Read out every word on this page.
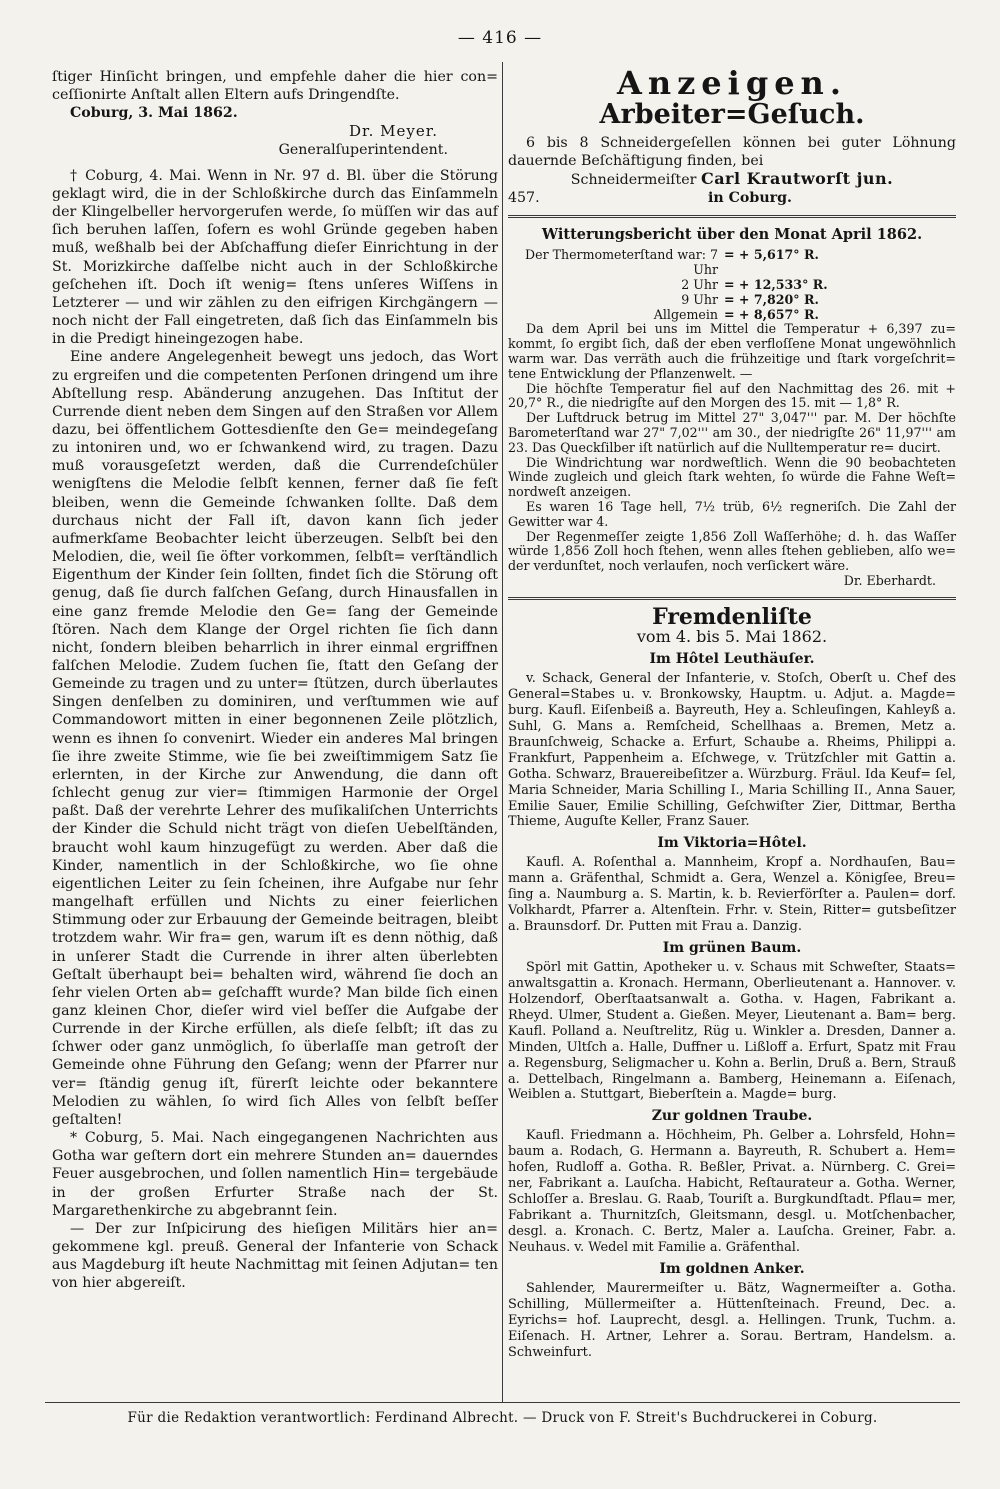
— 416 —

ſtiger Hinſicht bringen, und empfehle daher die hier con= ceſſionirte Anſtalt allen Eltern aufs Dringendſte.

Coburg, 3. Mai 1862.

Dr. Meyer.
Generalſuperintendent.

† Coburg, 4. Mai. Wenn in Nr. 97 d. Bl. über die Störung geklagt wird, die in der Schloßkirche durch das Einſammeln der Klingelbeller hervorgerufen werde, ſo müſſen wir das auf ſich beruhen laſſen, ſofern es wohl Gründe gegeben haben muß, weßhalb bei der Abſchaffung dieſer Einrichtung in der St. Morizkirche daſſelbe nicht auch in der Schloßkirche geſchehen iſt. Doch iſt wenig= ſtens unſeres Wiſſens in Letzterer — und wir zählen zu den eifrigen Kirchgängern — noch nicht der Fall eingetreten, daß ſich das Einſammeln bis in die Predigt hineingezogen habe.

Eine andere Angelegenheit bewegt uns jedoch, das Wort zu ergreifen und die competenten Perſonen dringend um ihre Abſtellung resp. Abänderung anzugehen. Das Inſtitut der Currende dient neben dem Singen auf den Straßen vor Allem dazu, bei öffentlichem Gottesdienſte den Ge= meindegeſang zu intoniren und, wo er ſchwankend wird, zu tragen. Dazu muß vorausgeſetzt werden, daß die Currendeſchüler wenigſtens die Melodie ſelbſt kennen, ferner daß ſie feſt bleiben, wenn die Gemeinde ſchwanken ſollte. Daß dem durchaus nicht der Fall iſt, davon kann ſich jeder aufmerkſame Beobachter leicht überzeugen. Selbſt bei den Melodien, die, weil ſie öfter vorkommen, ſelbſt= verſtändlich Eigenthum der Kinder ſein ſollten, findet ſich die Störung oft genug, daß ſie durch falſchen Geſang, durch Hinausfallen in eine ganz fremde Melodie den Ge= ſang der Gemeinde ſtören. Nach dem Klange der Orgel richten ſie ſich dann nicht, ſondern bleiben beharrlich in ihrer einmal ergriffnen falſchen Melodie. Zudem ſuchen ſie, ſtatt den Geſang der Gemeinde zu tragen und zu unter= ſtützen, durch überlautes Singen denſelben zu dominiren, und verſtummen wie auf Commandowort mitten in einer begonnenen Zeile plötzlich, wenn es ihnen ſo convenirt. Wieder ein anderes Mal bringen ſie ihre zweite Stimme, wie ſie bei zweiſtimmigem Satz ſie erlernten, in der Kirche zur Anwendung, die dann oft ſchlecht genug zur vier= ſtimmigen Harmonie der Orgel paßt. Daß der verehrte Lehrer des muſikaliſchen Unterrichts der Kinder die Schuld nicht trägt von dieſen Uebelſtänden, braucht wohl kaum hinzugefügt zu werden. Aber daß die Kinder, namentlich in der Schloßkirche, wo ſie ohne eigentlichen Leiter zu ſein ſcheinen, ihre Aufgabe nur ſehr mangelhaft erfüllen und Nichts zu einer feierlichen Stimmung oder zur Erbauung der Gemeinde beitragen, bleibt trotzdem wahr. Wir fra= gen, warum iſt es denn nöthig, daß in unſerer Stadt die Currende in ihrer alten überlebten Geſtalt überhaupt bei= behalten wird, während ſie doch an ſehr vielen Orten ab= geſchafft wurde? Man bilde ſich einen ganz kleinen Chor, dieſer wird viel beſſer die Aufgabe der Currende in der Kirche erfüllen, als dieſe ſelbſt; iſt das zu ſchwer oder ganz unmöglich, ſo überlaſſe man getroſt der Gemeinde ohne Führung den Geſang; wenn der Pfarrer nur ver= ſtändig genug iſt, fürerſt leichte oder bekanntere Melodien zu wählen, ſo wird ſich Alles von ſelbſt beſſer geſtalten!

* Coburg, 5. Mai. Nach eingegangenen Nachrichten aus Gotha war geſtern dort ein mehrere Stunden an= dauerndes Feuer ausgebrochen, und ſollen namentlich Hin= tergebäude in der großen Erfurter Straße nach der St. Margarethenkirche zu abgebrannt ſein.

— Der zur Inſpicirung des hieſigen Militärs hier an= gekommene kgl. preuß. General der Infanterie von Schack aus Magdeburg iſt heute Nachmittag mit ſeinen Adjutan= ten von hier abgereiſt.

Anzeigen.
Arbeiter=Geſuch.

6 bis 8 Schneidergeſellen können bei guter Löhnung dauernde Beſchäftigung finden, bei

Schneidermeiſter Carl Krautworſt jun.
457.	in Coburg.
Witterungsbericht über den Monat April 1862.
Der Thermometerſtand war: 7 Uhr
= + 5,617° R.
2 Uhr = + 12,533° R.
9 Uhr = + 7,820° R.
Allgemein = + 8,657° R.

Da dem April bei uns im Mittel die Temperatur + 6,397 zu= kommt, ſo ergibt ſich, daß der eben verfloſſene Monat ungewöhnlich warm war. Das verräth auch die frühzeitige und ſtark vorgeſchrit= tene Entwicklung der Pflanzenwelt. —

Die höchſte Temperatur fiel auf den Nachmittag des 26. mit + 20,7° R., die niedrigſte auf den Morgen des 15. mit — 1,8° R.

Der Luftdruck betrug im Mittel 27" 3,047''' par. M. Der höchſte Barometerſtand war 27" 7,02''' am 30., der niedrigſte 26" 11,97''' am 23. Das Queckſilber iſt natürlich auf die Nulltemperatur re= ducirt.

Die Windrichtung war nordweſtlich. Wenn die 90 beobachteten Winde zugleich und gleich ſtark wehten, ſo würde die Fahne Weſt= nordweſt anzeigen.

Es waren 16 Tage hell, 7½ trüb, 6½ regneriſch. Die Zahl der Gewitter war 4.

Der Regenmeſſer zeigte 1,856 Zoll Waſſerhöhe; d. h. das Waſſer würde 1,856 Zoll hoch ſtehen, wenn alles ſtehen geblieben, alſo we= der verdunſtet, noch verlaufen, noch verſickert wäre.

Dr. Eberhardt.
Fremdenliſte
vom 4. bis 5. Mai 1862.
Im Hôtel Leuthäuſer.

v. Schack, General der Infanterie, v. Stoſch, Oberſt u. Chef des General=Stabes u. v. Bronkowsky, Hauptm. u. Adjut. a. Magde= burg. Kaufl. Eiſenbeiß a. Bayreuth, Hey a. Schleuſingen, Kahleyß a. Suhl, G. Mans a. Remſcheid, Schellhaas a. Bremen, Metz a. Braunſchweig, Schacke a. Erfurt, Schaube a. Rheims, Philippi a. Frankfurt, Pappenheim a. Eſchwege, v. Trützſchler mit Gattin a. Gotha. Schwarz, Brauereibeſitzer a. Würzburg. Fräul. Ida Keuf= ſel, Maria Schneider, Maria Schilling I., Maria Schilling II., Anna Sauer, Emilie Sauer, Emilie Schilling, Geſchwiſter Zier, Dittmar, Bertha Thieme, Auguſte Keller, Franz Sauer.

Im Viktoria=Hôtel.

Kaufl. A. Roſenthal a. Mannheim, Kropf a. Nordhauſen, Bau= mann a. Gräfenthal, Schmidt a. Gera, Wenzel a. Königſee, Breu= ſing a. Naumburg a. S. Martin, k. b. Revierförſter a. Paulen= dorf. Volkhardt, Pfarrer a. Altenſtein. Frhr. v. Stein, Ritter= gutsbeſitzer a. Braunsdorf. Dr. Putten mit Frau a. Danzig.

Im grünen Baum.

Spörl mit Gattin, Apotheker u. v. Schaus mit Schweſter, Staats= anwaltsgattin a. Kronach. Hermann, Oberlieutenant a. Hannover. v. Holzendorf, Oberſtaatsanwalt a. Gotha. v. Hagen, Fabrikant a. Rheyd. Ulmer, Student a. Gießen. Meyer, Lieutenant a. Bam= berg. Kaufl. Polland a. Neuſtrelitz, Rüg u. Winkler a. Dresden, Danner a. Minden, Ultſch a. Halle, Duffner u. Lißloff a. Erfurt, Spatz mit Frau a. Regensburg, Seligmacher u. Kohn a. Berlin, Druß a. Bern, Strauß a. Dettelbach, Ringelmann a. Bamberg, Heinemann a. Eiſenach, Weiblen a. Stuttgart, Bieberſtein a. Magde= burg.

Zur goldnen Traube.

Kaufl. Friedmann a. Höchheim, Ph. Gelber a. Lohrsfeld, Hohn= baum a. Rodach, G. Hermann a. Bayreuth, R. Schubert a. Hem= hofen, Rudloff a. Gotha. R. Beßler, Privat. a. Nürnberg. C. Grei= ner, Fabrikant a. Lauſcha. Habicht, Reſtaurateur a. Gotha. Werner, Schloſſer a. Breslau. G. Raab, Touriſt a. Burgkundſtadt. Pflau= mer, Fabrikant a. Thurnitzſch, Gleitsmann, desgl. u. Motſchenbacher, desgl. a. Kronach. C. Bertz, Maler a. Lauſcha. Greiner, Fabr. a. Neuhaus. v. Wedel mit Familie a. Gräfenthal.

Im goldnen Anker.

Sahlender, Maurermeiſter u. Bätz, Wagnermeiſter a. Gotha. Schilling, Müllermeiſter a. Hüttenſteinach. Freund, Dec. a. Eyrichs= hof. Lauprecht, desgl. a. Hellingen. Trunk, Tuchm. a. Eiſenach. H. Artner, Lehrer a. Sorau. Bertram, Handelsm. a. Schweinfurt.

Für die Redaktion verantwortlich: Ferdinand Albrecht. — Druck von F. Streit's Buchdruckerei in Coburg.
